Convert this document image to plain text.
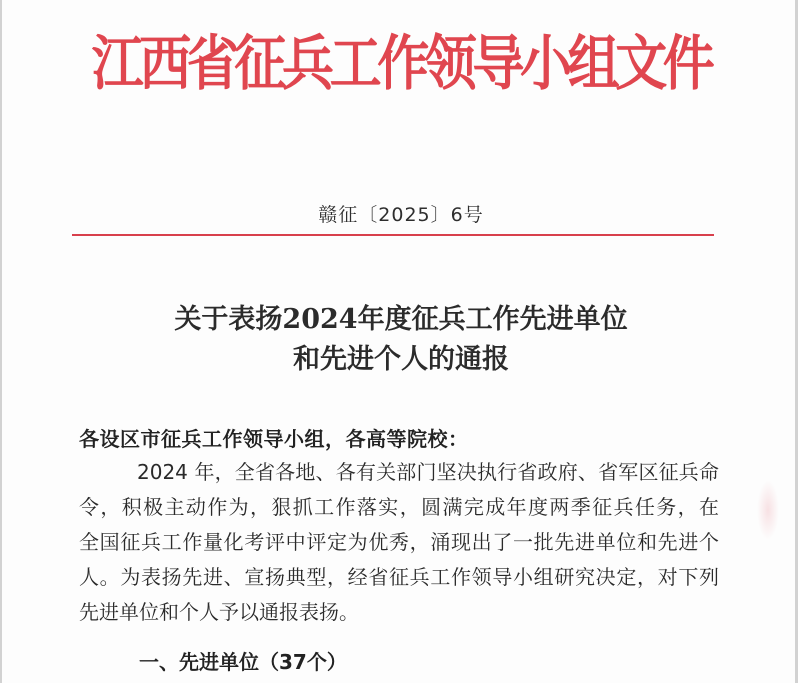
江西省征兵工作领导小组文件
赣征〔2025〕6号
关于表扬2024年度征兵工作先进单位
和先进个人的通报
各设区市征兵工作领导小组，各高等院校：
2024 年，全省各地、各有关部门坚决执行省政府、省军区征兵命
令，积极主动作为，狠抓工作落实，圆满完成年度两季征兵任务，在
全国征兵工作量化考评中评定为优秀，涌现出了一批先进单位和先进个
人。为表扬先进、宣扬典型，经省征兵工作领导小组研究决定，对下列
先进单位和个人予以通报表扬。
一、先进单位（37个）
